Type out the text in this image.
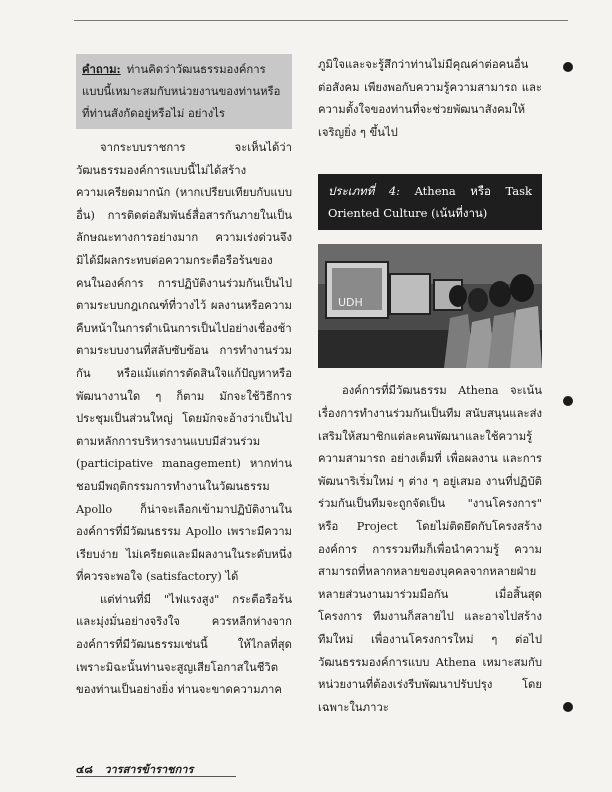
คำถาม: ท่านคิดว่าวัฒนธรรมองค์การแบบนี้เหมาะสมกับหน่วยงานของท่านหรือที่ท่านสังกัดอยู่หรือไม่ อย่างไร

จากระบบราชการ จะเห็นได้ว่า วัฒนธรรมองค์การแบบนี้ไม่ได้สร้างความเครียดมากนัก (หากเปรียบเทียบกับแบบอื่น) การติดต่อสัมพันธ์สื่อสารกันภายในเป็นลักษณะทางการอย่างมาก ความเร่งด่วนจึงมิได้มีผลกระทบต่อความกระตือรือร้นของคนในองค์การ การปฏิบัติงานร่วมกันเป็นไปตามระบบกฎเกณฑ์ที่วางไว้ ผลงานหรือความคืบหน้าในการดำเนินการเป็นไปอย่างเชื่องช้าตามระบบงานที่สลับซับซ้อน การทำงานร่วมกัน หรือแม้แต่การตัดสินใจแก้ปัญหาหรือพัฒนางานใด ๆ ก็ตาม มักจะใช้วิธีการประชุมเป็นส่วนใหญ่ โดยมักจะอ้างว่าเป็นไปตามหลักการบริหารงานแบบมีส่วนร่วม (participative management) หากท่านชอบมีพฤติกรรมการทำงานในวัฒนธรรม Apollo ก็น่าจะเลือกเข้ามาปฏิบัติงานในองค์การที่มีวัฒนธรรม Apollo เพราะมีความเรียบง่าย ไม่เครียดและมีผลงานในระดับหนึ่งที่ควรจะพอใจ (satisfactory) ได้

แต่ท่านที่มี "ไฟแรงสูง" กระตือรือร้นและมุ่งมั่นอย่างจริงใจ ควรหลีกห่างจากองค์การที่มีวัฒนธรรมเช่นนี้ ให้ไกลที่สุด เพราะมิฉะนั้นท่านจะสูญเสียโอกาสในชีวิตของท่านเป็นอย่างยิ่ง ท่านจะขาดความภาค

ภูมิใจและจะรู้สึกว่าท่านไม่มีคุณค่าต่อคนอื่น ต่อสังคม เพียงพอกับความรู้ความสามารถ และความตั้งใจของท่านที่จะช่วยพัฒนาสังคมให้เจริญยิ่ง ๆ ขึ้นไป

ประเภทที่ 4: Athena หรือ Task Oriented Culture (เน้นที่งาน)

UDH

องค์การที่มีวัฒนธรรม Athena จะเน้นเรื่องการทำงานร่วมกันเป็นทีม สนับสนุนและส่งเสริมให้สมาชิกแต่ละคนพัฒนาและใช้ความรู้ ความสามารถ อย่างเต็มที่ เพื่อผลงาน และการพัฒนาริเริ่มใหม่ ๆ ต่าง ๆ อยู่เสมอ งานที่ปฏิบัติร่วมกันเป็นทีมจะถูกจัดเป็น "งานโครงการ" หรือ Project โดยไม่ติดยึดกับโครงสร้างองค์การ การรวมทีมก็เพื่อนำความรู้ ความสามารถที่หลากหลายของบุคคลจากหลายฝ่าย หลายส่วนงานมาร่วมมือกัน เมื่อสิ้นสุดโครงการ ทีมงานก็สลายไป และอาจไปสร้างทีมใหม่ เพื่องานโครงการใหม่ ๆ ต่อไป วัฒนธรรมองค์การแบบ Athena เหมาะสมกับหน่วยงานที่ต้องเร่งรีบพัฒนาปรับปรุง โดยเฉพาะในภาวะ

๔๘ วารสารข้าราชการ
